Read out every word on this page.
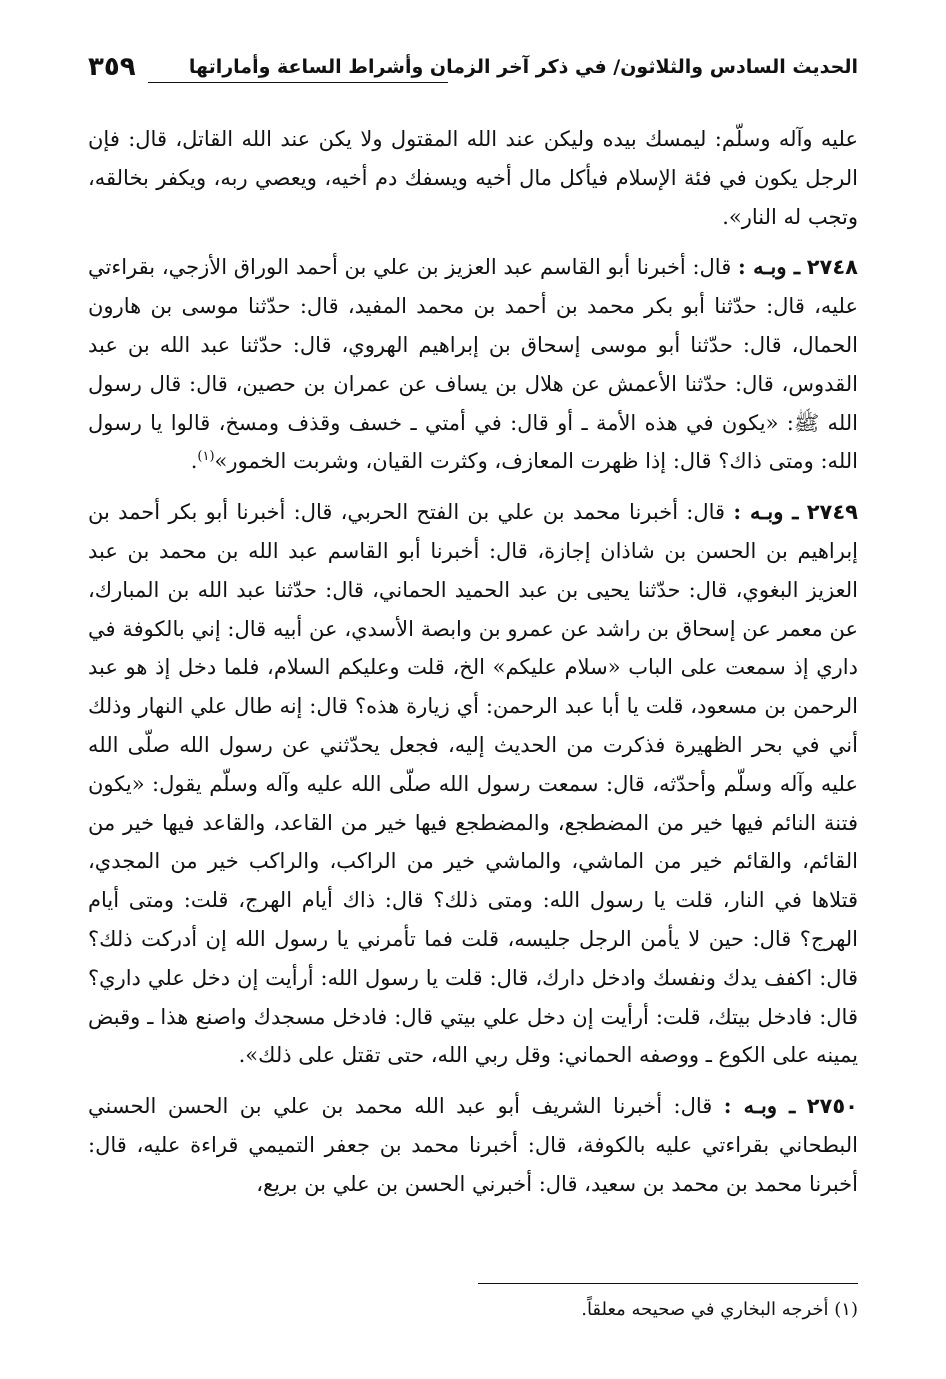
٣٥٩	الحديث السادس والثلاثون/ في ذكر آخر الزمان وأشراط الساعة وأماراتها

عليه وآله وسلّم: ليمسك بيده وليكن عند الله المقتول ولا يكن عند الله القاتل، قال: فإن الرجل يكون في فئة الإسلام فيأكل مال أخيه ويسفك دم أخيه، ويعصي ربه، ويكفر بخالقه، وتجب له النار».

٢٧٤٨ ـ وبـه : قال: أخبرنا أبو القاسم عبد العزيز بن علي بن أحمد الوراق الأزجي، بقراءتي عليه، قال: حدّثنا أبو بكر محمد بن أحمد بن محمد المفيد، قال: حدّثنا موسى بن هارون الحمال، قال: حدّثنا أبو موسى إسحاق بن إبراهيم الهروي، قال: حدّثنا عبد الله بن عبد القدوس، قال: حدّثنا الأعمش عن هلال بن يساف عن عمران بن حصين، قال: قال رسول الله ﷺ: «يكون في هذه الأمة ـ أو قال: في أمتي ـ خسف وقذف ومسخ، قالوا يا رسول الله: ومتى ذاك؟ قال: إذا ظهرت المعازف، وكثرت القيان، وشربت الخمور»$^{(١)}$.

٢٧٤٩ ـ وبـه : قال: أخبرنا محمد بن علي بن الفتح الحربي، قال: أخبرنا أبو بكر أحمد بن إبراهيم بن الحسن بن شاذان إجازة، قال: أخبرنا أبو القاسم عبد الله بن محمد بن عبد العزيز البغوي، قال: حدّثنا يحيى بن عبد الحميد الحماني، قال: حدّثنا عبد الله بن المبارك، عن معمر عن إسحاق بن راشد عن عمرو بن وابصة الأسدي، عن أبيه قال: إني بالكوفة في داري إذ سمعت على الباب «سلام عليكم» الخ، قلت وعليكم السلام، فلما دخل إذ هو عبد الرحمن بن مسعود، قلت يا أبا عبد الرحمن: أي زيارة هذه؟ قال: إنه طال علي النهار وذلك أني في بحر الظهيرة فذكرت من الحديث إليه، فجعل يحدّثني عن رسول الله صلّى الله عليه وآله وسلّم وأحدّثه، قال: سمعت رسول الله صلّى الله عليه وآله وسلّم يقول: «يكون فتنة النائم فيها خير من المضطجع، والمضطجع فيها خير من القاعد، والقاعد فيها خير من القائم، والقائم خير من الماشي، والماشي خير من الراكب، والراكب خير من المجدي، قتلاها في النار، قلت يا رسول الله: ومتى ذلك؟ قال: ذاك أيام الهرج، قلت: ومتى أيام الهرج؟ قال: حين لا يأمن الرجل جليسه، قلت فما تأمرني يا رسول الله إن أدركت ذلك؟ قال: اكفف يدك ونفسك وادخل دارك، قال: قلت يا رسول الله: أرأيت إن دخل علي داري؟ قال: فادخل بيتك، قلت: أرأيت إن دخل علي بيتي قال: فادخل مسجدك واصنع هذا ـ وقبض يمينه على الكوع ـ ووصفه الحماني: وقل ربي الله، حتى تقتل على ذلك».

٢٧٥٠ ـ وبـه : قال: أخبرنا الشريف أبو عبد الله محمد بن علي بن الحسن الحسني البطحاني بقراءتي عليه بالكوفة، قال: أخبرنا محمد بن جعفر التميمي قراءة عليه، قال: أخبرنا محمد بن محمد بن سعيد، قال: أخبرني الحسن بن علي بن بريع،

(١) أخرجه البخاري في صحيحه معلقاً.
